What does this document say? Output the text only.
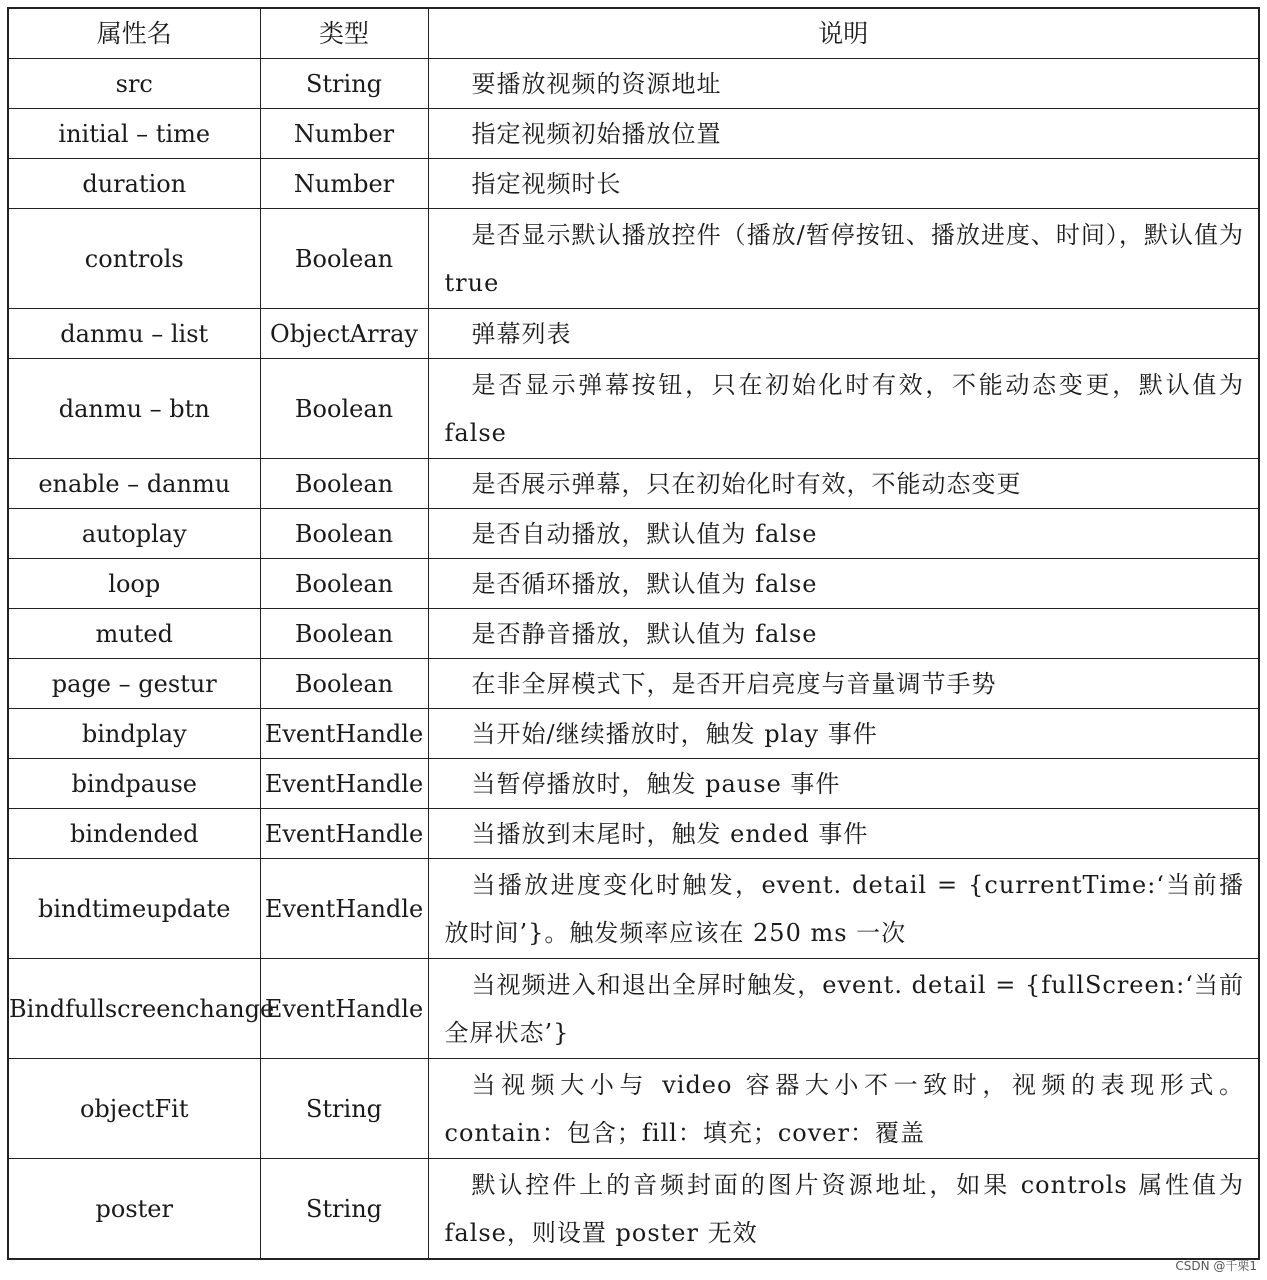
属性名	类型	说明
src	String	要播放视频的资源地址

initial – time	Number	指定视频初始播放位置

duration	Number	指定视频时长

controls	Boolean	是否显示默认播放控件（播放/暂停按钮、播放进度、时间），默认值为 true

danmu – list	ObjectArray	弹幕列表

danmu – btn	Boolean	是否显示弹幕按钮，只在初始化时有效，不能动态变更，默认值为 false

enable – danmu	Boolean	是否展示弹幕，只在初始化时有效，不能动态变更

autoplay	Boolean	是否自动播放，默认值为 false

loop	Boolean	是否循环播放，默认值为 false

muted	Boolean	是否静音播放，默认值为 false

page – gestur	Boolean	在非全屏模式下，是否开启亮度与音量调节手势

bindplay	EventHandle	当开始/继续播放时，触发 play 事件

bindpause	EventHandle	当暂停播放时，触发 pause 事件

bindended	EventHandle	当播放到末尾时，触发 ended 事件

bindtimeupdate	EventHandle	当播放进度变化时触发，event. detail = {currentTime:‘当前播放时间’}。触发频率应该在 250 ms 一次

Bindfullscreenchange	EventHandle	当视频进入和退出全屏时触发，event. detail = {fullScreen:‘当前全屏状态’}

objectFit	String	当视频大小与 video 容器大小不一致时，视频的表现形式。contain：包含；fill：填充；cover：覆盖

poster	String	默认控件上的音频封面的图片资源地址，如果 controls 属性值为 false，则设置 poster 无效
CSDN @千栗1
